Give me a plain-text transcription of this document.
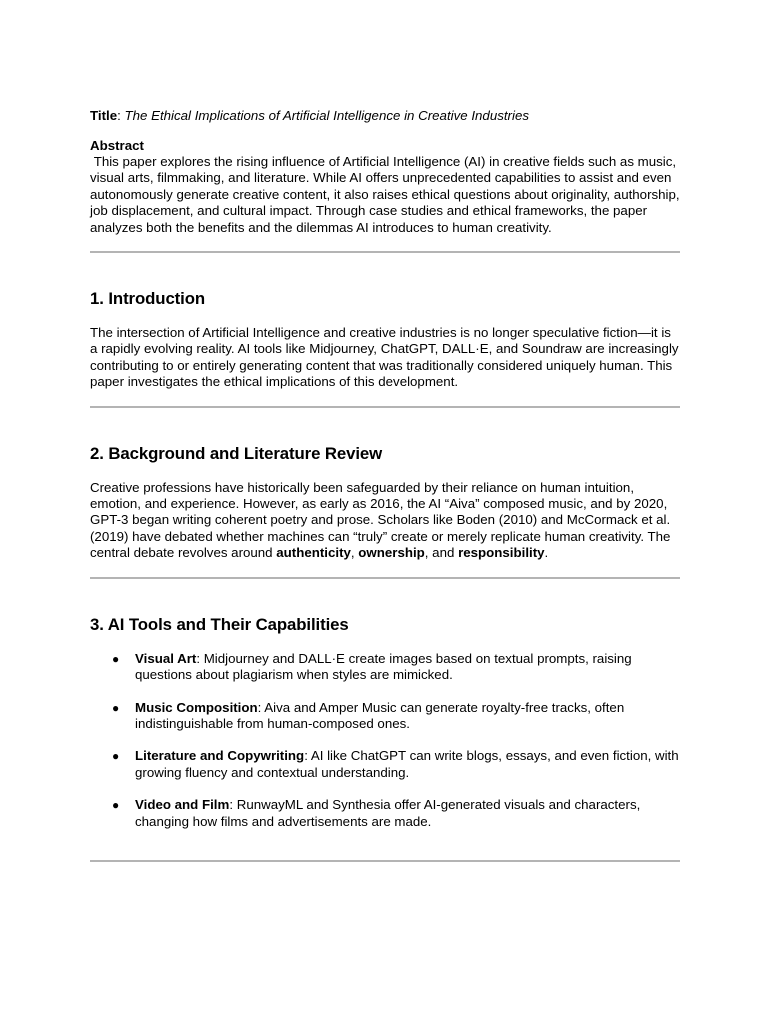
Title: The Ethical Implications of Artificial Intelligence in Creative Industries

Abstract

This paper explores the rising influence of Artificial Intelligence (AI) in creative fields such as music, visual arts, filmmaking, and literature. While AI offers unprecedented capabilities to assist and even autonomously generate creative content, it also raises ethical questions about originality, authorship, job displacement, and cultural impact. Through case studies and ethical frameworks, the paper analyzes both the benefits and the dilemmas AI introduces to human creativity.

1. Introduction

The intersection of Artificial Intelligence and creative industries is no longer speculative fiction—it is a rapidly evolving reality. AI tools like Midjourney, ChatGPT, DALL·E, and Soundraw are increasingly contributing to or entirely generating content that was traditionally considered uniquely human. This paper investigates the ethical implications of this development.

2. Background and Literature Review

Creative professions have historically been safeguarded by their reliance on human intuition, emotion, and experience. However, as early as 2016, the AI “Aiva” composed music, and by 2020, GPT-3 began writing coherent poetry and prose. Scholars like Boden (2010) and McCormack et al. (2019) have debated whether machines can “truly” create or merely replicate human creativity. The central debate revolves around authenticity, ownership, and responsibility.

3. AI Tools and Their Capabilities
● Visual Art: Midjourney and DALL·E create images based on textual prompts, raising questions about plagiarism when styles are mimicked.
● Music Composition: Aiva and Amper Music can generate royalty-free tracks, often indistinguishable from human-composed ones.
● Literature and Copywriting: AI like ChatGPT can write blogs, essays, and even fiction, with growing fluency and contextual understanding.
● Video and Film: RunwayML and Synthesia offer AI-generated visuals and characters, changing how films and advertisements are made.
